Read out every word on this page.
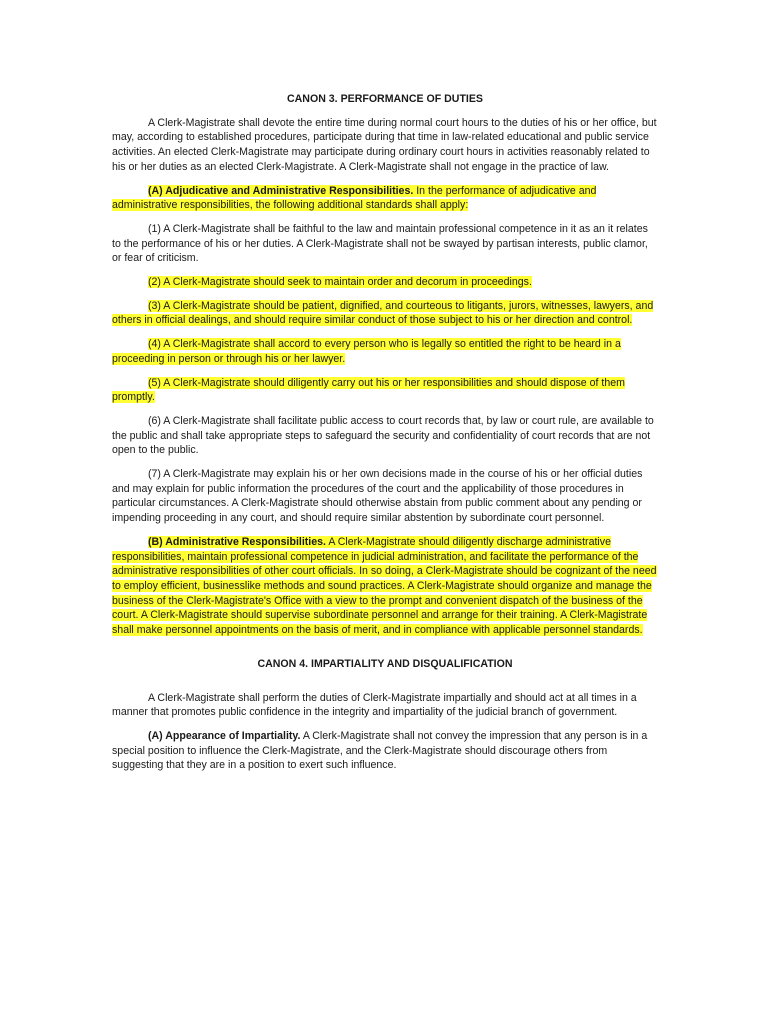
CANON 3. PERFORMANCE OF DUTIES

A Clerk-Magistrate shall devote the entire time during normal court hours to the duties of his or her office, but may, according to established procedures, participate during that time in law-related educational and public service activities. An elected Clerk-Magistrate may participate during ordinary court hours in activities reasonably related to his or her duties as an elected Clerk-Magistrate. A Clerk-Magistrate shall not engage in the practice of law.

(A) Adjudicative and Administrative Responsibilities. In the performance of adjudicative and administrative responsibilities, the following additional standards shall apply:

(1) A Clerk-Magistrate shall be faithful to the law and maintain professional competence in it as an it relates to the performance of his or her duties. A Clerk-Magistrate shall not be swayed by partisan interests, public clamor, or fear of criticism.

(2) A Clerk-Magistrate should seek to maintain order and decorum in proceedings.

(3) A Clerk-Magistrate should be patient, dignified, and courteous to litigants, jurors, witnesses, lawyers, and others in official dealings, and should require similar conduct of those subject to his or her direction and control.

(4) A Clerk-Magistrate shall accord to every person who is legally so entitled the right to be heard in a proceeding in person or through his or her lawyer.

(5) A Clerk-Magistrate should diligently carry out his or her responsibilities and should dispose of them promptly.

(6) A Clerk-Magistrate shall facilitate public access to court records that, by law or court rule, are available to the public and shall take appropriate steps to safeguard the security and confidentiality of court records that are not open to the public.

(7) A Clerk-Magistrate may explain his or her own decisions made in the course of his or her official duties and may explain for public information the procedures of the court and the applicability of those procedures in particular circumstances. A Clerk-Magistrate should otherwise abstain from public comment about any pending or impending proceeding in any court, and should require similar abstention by subordinate court personnel.

(B) Administrative Responsibilities. A Clerk-Magistrate should diligently discharge administrative responsibilities, maintain professional competence in judicial administration, and facilitate the performance of the administrative responsibilities of other court officials. In so doing, a Clerk-Magistrate should be cognizant of the need to employ efficient, businesslike methods and sound practices. A Clerk-Magistrate should organize and manage the business of the Clerk-Magistrate's Office with a view to the prompt and convenient dispatch of the business of the court. A Clerk-Magistrate should supervise subordinate personnel and arrange for their training. A Clerk-Magistrate shall make personnel appointments on the basis of merit, and in compliance with applicable personnel standards.

CANON 4. IMPARTIALITY AND DISQUALIFICATION

A Clerk-Magistrate shall perform the duties of Clerk-Magistrate impartially and should act at all times in a manner that promotes public confidence in the integrity and impartiality of the judicial branch of government.

(A) Appearance of Impartiality. A Clerk-Magistrate shall not convey the impression that any person is in a special position to influence the Clerk-Magistrate, and the Clerk-Magistrate should discourage others from suggesting that they are in a position to exert such influence.
